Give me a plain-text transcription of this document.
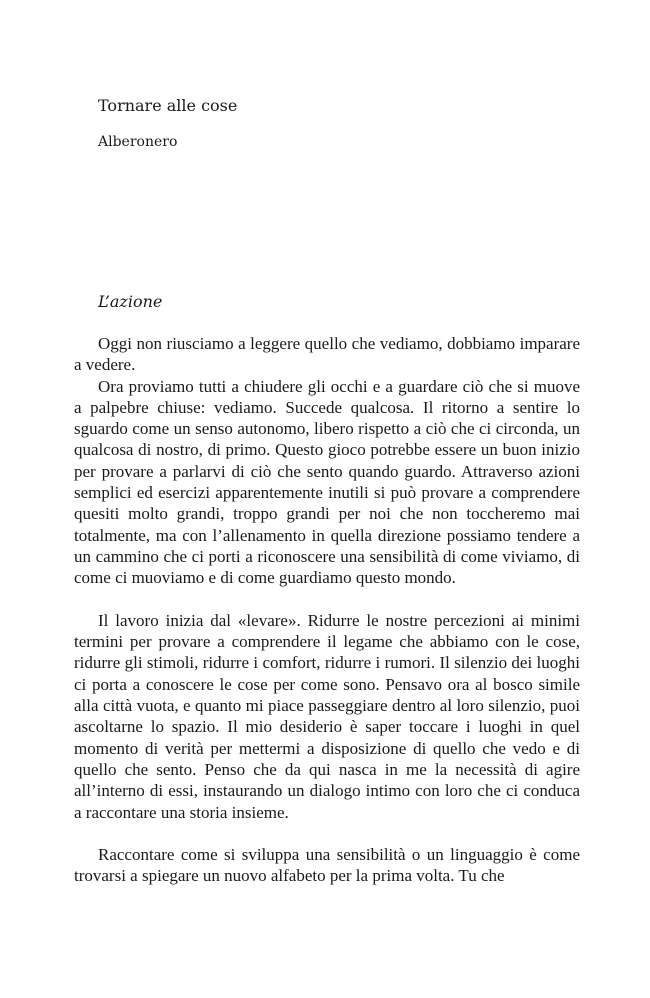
Tornare alle cose
Alberonero
L’azione

Oggi non riusciamo a leggere quello che vediamo, dobbiamo imparare a vedere.

Ora proviamo tutti a chiudere gli occhi e a guardare ciò che si muove a palpebre chiuse: vediamo. Succede qualcosa. Il ritorno a sentire lo sguardo come un senso autonomo, libero rispetto a ciò che ci circonda, un qualcosa di nostro, di primo. Questo gioco potrebbe essere un buon inizio per provare a parlarvi di ciò che sento quando guardo. Attraverso azioni semplici ed esercizi apparentemente inutili si può provare a comprendere quesiti molto grandi, troppo grandi per noi che non toccheremo mai totalmente, ma con l’allenamento in quella direzione possiamo tendere a un cammino che ci porti a riconoscere una sensibilità di come viviamo, di come ci muoviamo e di come guardiamo questo mondo.

Il lavoro inizia dal «levare». Ridurre le nostre percezioni ai minimi termini per provare a comprendere il legame che abbiamo con le cose, ridurre gli stimoli, ridurre i comfort, ridurre i rumori. Il silenzio dei luoghi ci porta a conoscere le cose per come sono. Pensavo ora al bosco simile alla città vuota, e quanto mi piace passeggiare dentro al loro silenzio, puoi ascoltarne lo spazio. Il mio desiderio è saper toccare i luoghi in quel momento di verità per mettermi a disposizione di quello che vedo e di quello che sento. Penso che da qui nasca in me la necessità di agire all’interno di essi, instaurando un dialogo intimo con loro che ci conduca a raccontare una storia insieme.

Raccontare come si sviluppa una sensibilità o un linguaggio è come trovarsi a spiegare un nuovo alfabeto per la prima volta. Tu che
